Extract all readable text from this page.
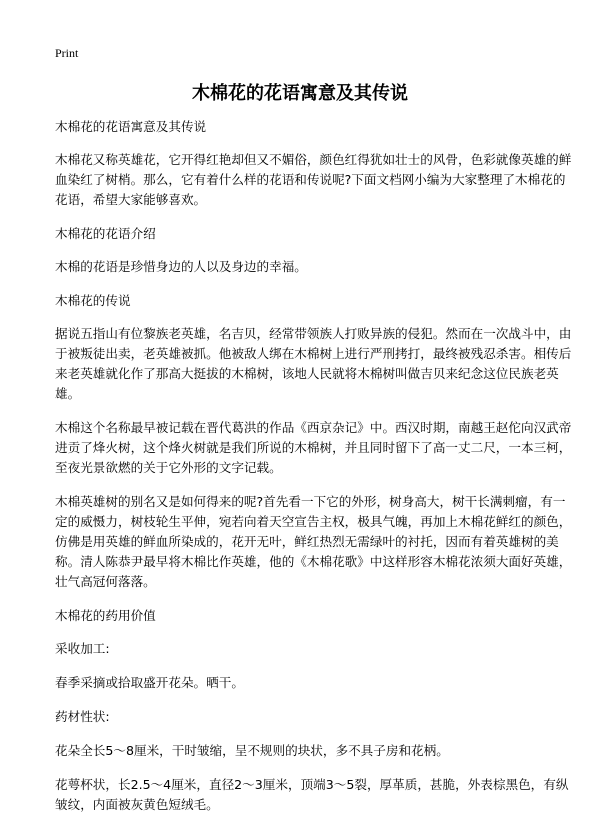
Print
木棉花的花语寓意及其传说

木棉花的花语寓意及其传说

木棉花又称英雄花，它开得红艳却但又不媚俗，颜色红得犹如壮士的风骨，色彩就像英雄的鲜血染红了树梢。那么，它有着什么样的花语和传说呢?下面文档网小编为大家整理了木棉花的花语，希望大家能够喜欢。

木棉花的花语介绍

木棉的花语是珍惜身边的人以及身边的幸福。

木棉花的传说

据说五指山有位黎族老英雄，名吉贝，经常带领族人打败异族的侵犯。然而在一次战斗中，由于被叛徒出卖，老英雄被抓。他被敌人绑在木棉树上进行严刑拷打，最终被残忍杀害。相传后来老英雄就化作了那高大挺拔的木棉树，该地人民就将木棉树叫做吉贝来纪念这位民族老英雄。

木棉这个名称最早被记载在晋代葛洪的作品《西京杂记》中。西汉时期，南越王赵佗向汉武帝进贡了烽火树，这个烽火树就是我们所说的木棉树，并且同时留下了高一丈二尺，一本三柯，至夜光景欲燃的关于它外形的文字记载。

木棉英雄树的别名又是如何得来的呢?首先看一下它的外形，树身高大，树干长满刺瘤，有一定的威慑力，树枝轮生平伸，宛若向着天空宣告主权，极具气魄，再加上木棉花鲜红的颜色，仿佛是用英雄的鲜血所染成的，花开无叶，鲜红热烈无需绿叶的衬托，因而有着英雄树的美称。清人陈恭尹最早将木棉比作英雄，他的《木棉花歌》中这样形容木棉花浓须大面好英雄，壮气高冠何落落。

木棉花的药用价值

采收加工:

春季采摘或拾取盛开花朵。晒干。

药材性状:

花朵全长5～8厘米，干时皱缩，呈不规则的块状，多不具子房和花柄。

花萼杯状，长2.5～4厘米，直径2～3厘米，顶端3～5裂，厚革质，甚脆，外表棕黑色，有纵皱纹，内面被灰黄色短绒毛。
